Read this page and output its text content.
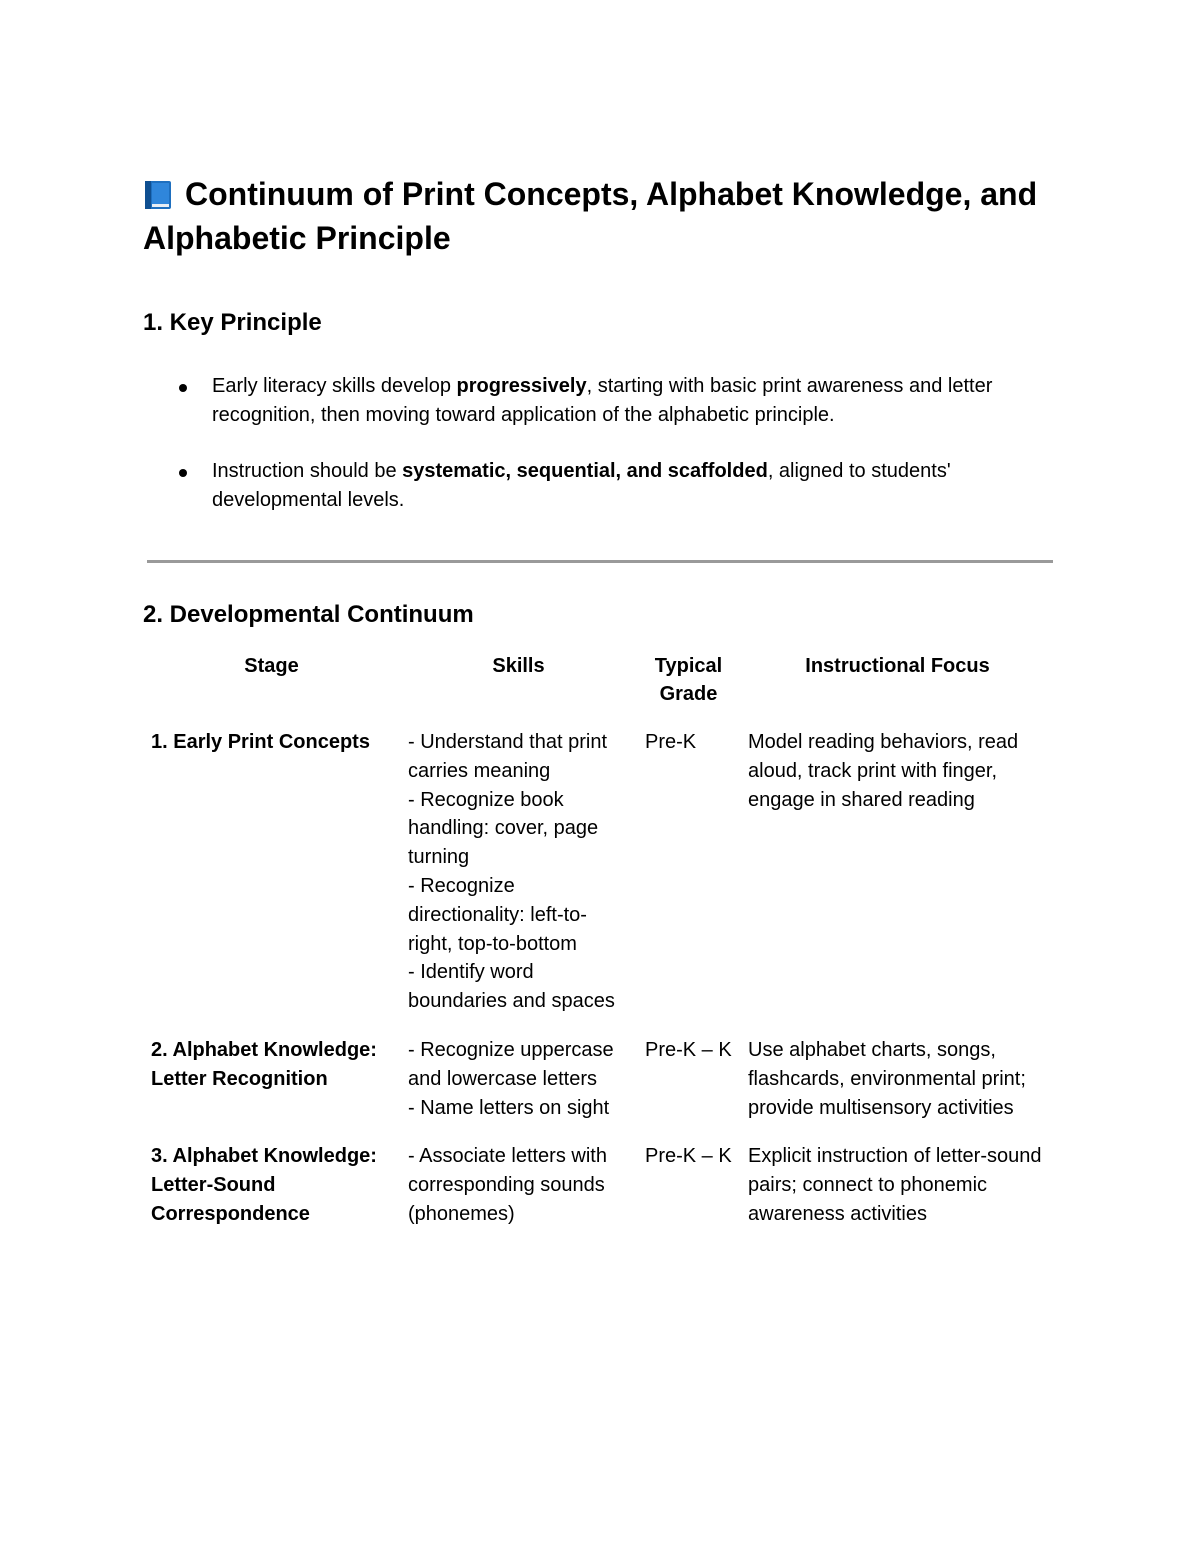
Continuum of Print Concepts, Alphabet Knowledge, and Alphabetic Principle
1. Key Principle
Early literacy skills develop progressively, starting with basic print awareness and letter recognition, then moving toward application of the alphabetic principle.
Instruction should be systematic, sequential, and scaffolded, aligned to students' developmental levels.
2. Developmental Continuum
Stage	Skills	Typical Grade	Instructional Focus
1. Early Print Concepts	- Understand that print carries meaning
- Recognize book handling: cover, page turning
- Recognize directionality: left-to-right, top-to-bottom
- Identify word boundaries and spaces	Pre-K	Model reading behaviors, read aloud, track print with finger, engage in shared reading
2. Alphabet Knowledge: Letter Recognition	- Recognize uppercase and lowercase letters
- Name letters on sight	Pre-K – K	Use alphabet charts, songs, flashcards, environmental print; provide multisensory activities
3. Alphabet Knowledge: Letter-Sound Correspondence	- Associate letters with corresponding sounds (phonemes)	Pre-K – K	Explicit instruction of letter-sound pairs; connect to phonemic awareness activities
